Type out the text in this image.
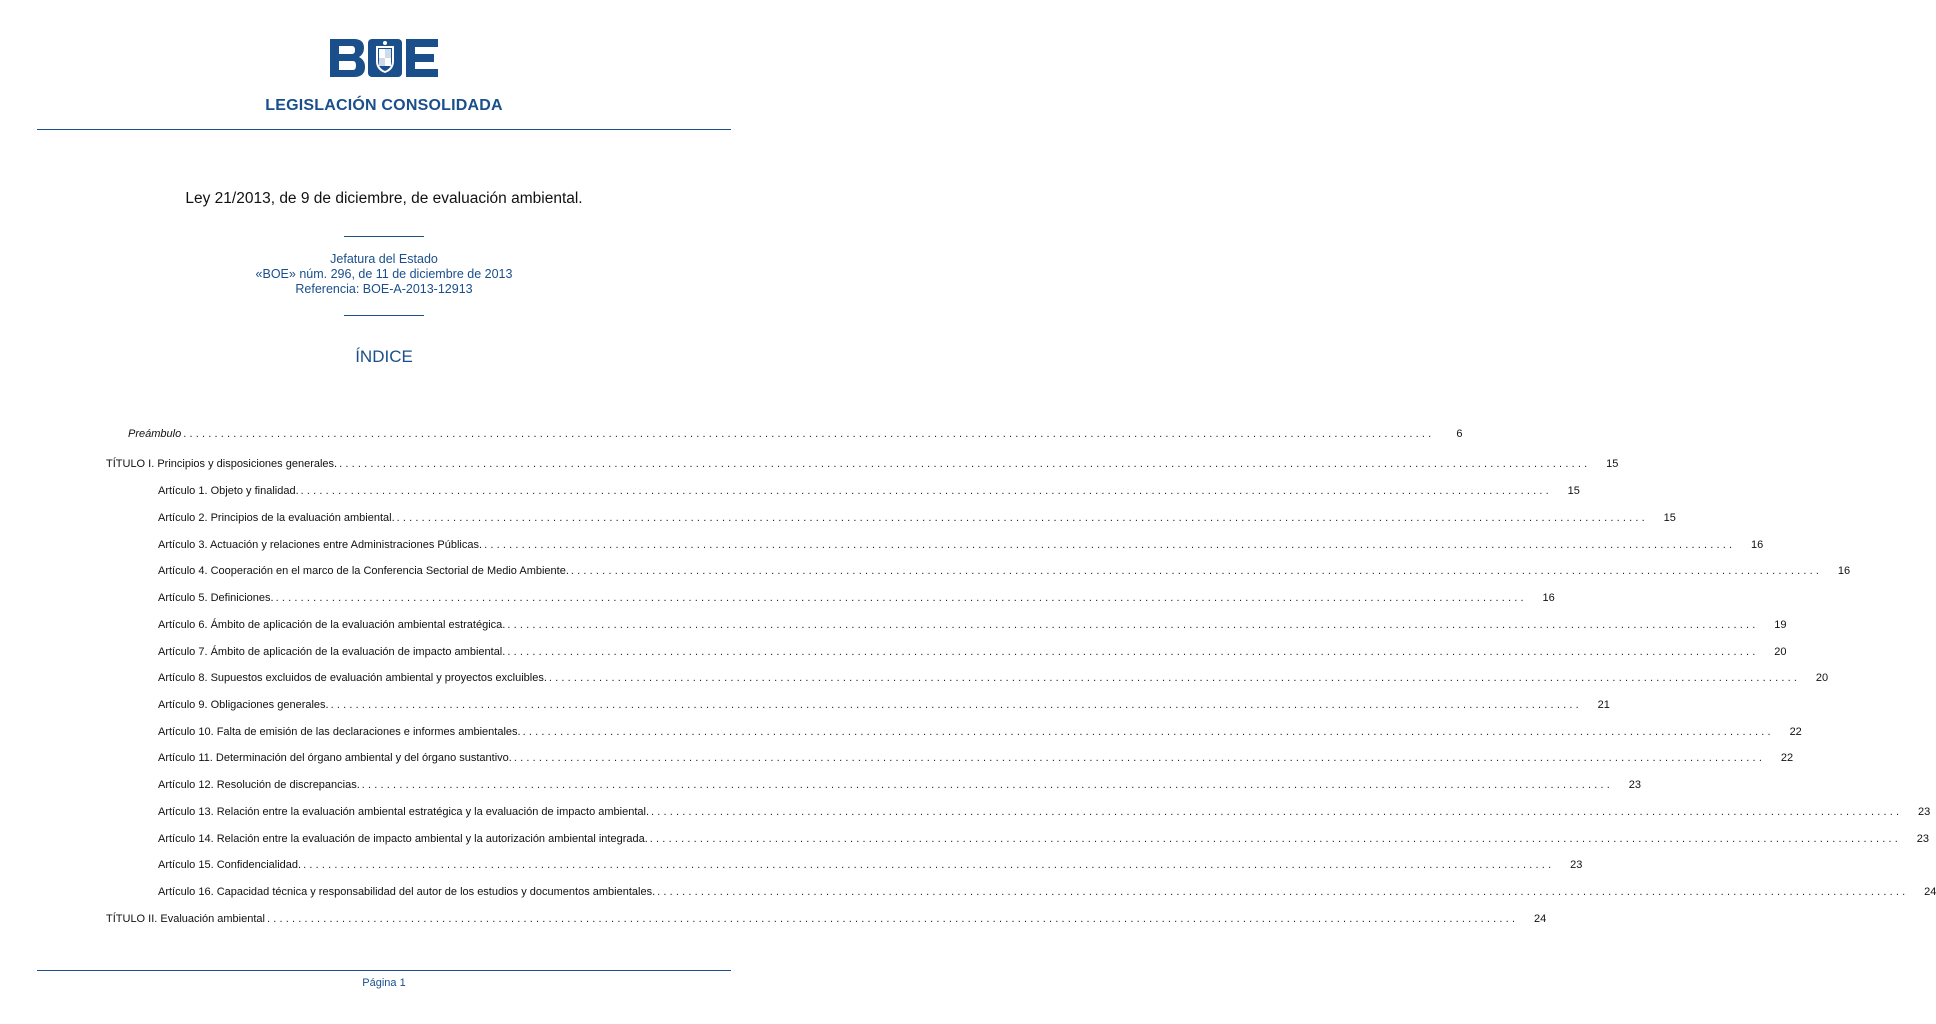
LEGISLACIÓN CONSOLIDADA
Ley 21/2013, de 9 de diciembre, de evaluación ambiental.
Jefatura del Estado
«BOE» núm. 296, de 11 de diciembre de 2013
Referencia: BOE-A-2013-12913
ÍNDICE
Preámbulo ........................................................................................................................................................................................................	6
TÍTULO I. Principios y disposiciones generales. ........................................................................................................................................................................................................	15
Artículo 1. Objeto y finalidad. ........................................................................................................................................................................................................	15
Artículo 2. Principios de la evaluación ambiental. ........................................................................................................................................................................................................	15
Artículo 3. Actuación y relaciones entre Administraciones Públicas. ........................................................................................................................................................................................................	16
Artículo 4. Cooperación en el marco de la Conferencia Sectorial de Medio Ambiente. ........................................................................................................................................................................................................	16
Artículo 5. Definiciones. ........................................................................................................................................................................................................	16
Artículo 6. Ámbito de aplicación de la evaluación ambiental estratégica. ........................................................................................................................................................................................................	19
Artículo 7. Ámbito de aplicación de la evaluación de impacto ambiental. ........................................................................................................................................................................................................	20
Artículo 8. Supuestos excluidos de evaluación ambiental y proyectos excluibles. ........................................................................................................................................................................................................	20
Artículo 9. Obligaciones generales. ........................................................................................................................................................................................................	21
Artículo 10. Falta de emisión de las declaraciones e informes ambientales. ........................................................................................................................................................................................................	22
Artículo 11. Determinación del órgano ambiental y del órgano sustantivo. ........................................................................................................................................................................................................	22
Artículo 12. Resolución de discrepancias. ........................................................................................................................................................................................................	23
Artículo 13. Relación entre la evaluación ambiental estratégica y la evaluación de impacto ambiental. ........................................................................................................................................................................................................	23
Artículo 14. Relación entre la evaluación de impacto ambiental y la autorización ambiental integrada. ........................................................................................................................................................................................................	23
Artículo 15. Confidencialidad. ........................................................................................................................................................................................................	23
Artículo 16. Capacidad técnica y responsabilidad del autor de los estudios y documentos ambientales. ........................................................................................................................................................................................................	24
TÍTULO II. Evaluación ambiental ........................................................................................................................................................................................................	24
Página 1
